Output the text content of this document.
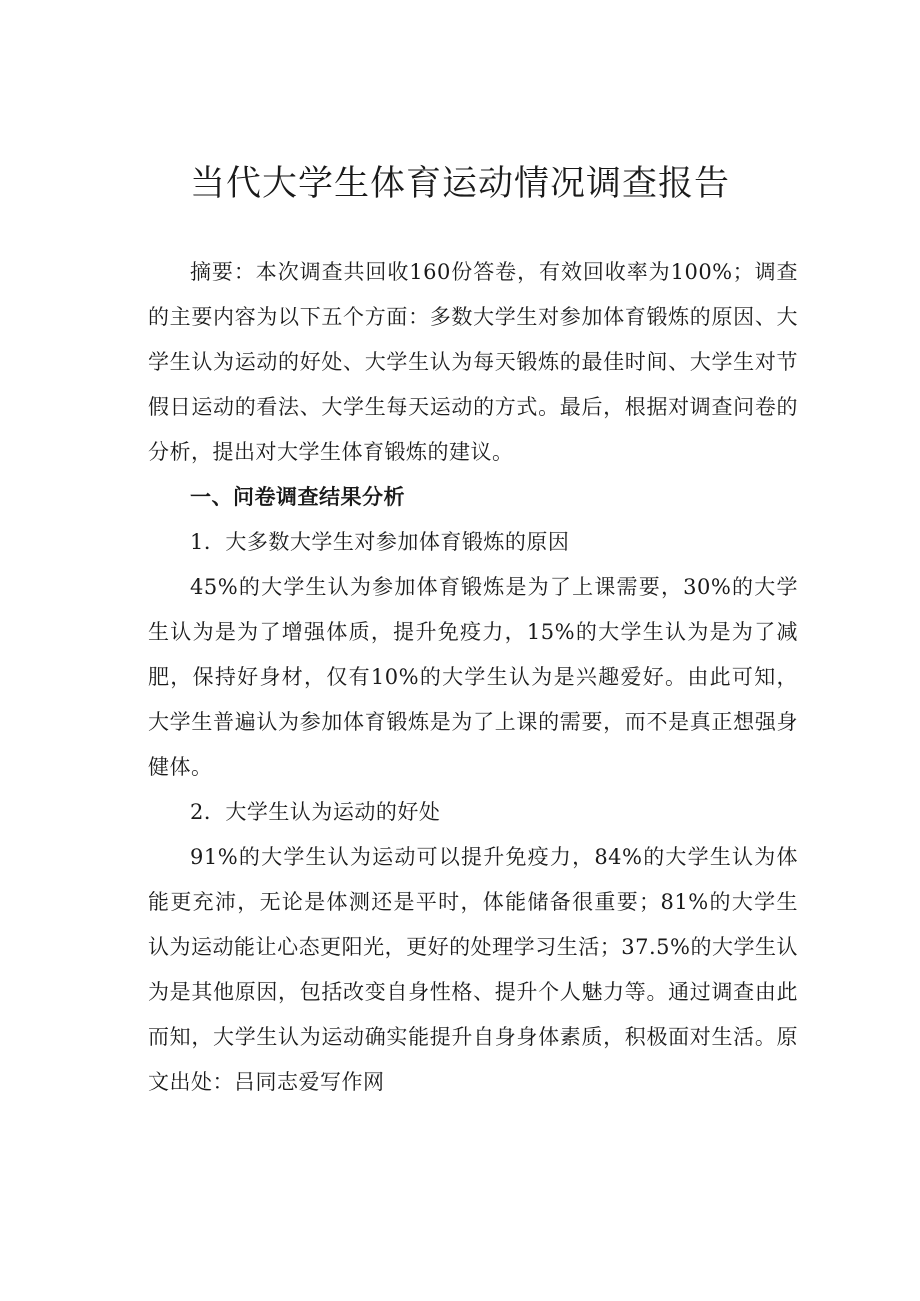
当代大学生体育运动情况调查报告

摘要：本次调查共回收160份答卷，有效回收率为100%；调查的主要内容为以下五个方面：多数大学生对参加体育锻炼的原因、大学生认为运动的好处、大学生认为每天锻炼的最佳时间、大学生对节假日运动的看法、大学生每天运动的方式。最后，根据对调查问卷的分析，提出对大学生体育锻炼的建议。

一、问卷调查结果分析

1．大多数大学生对参加体育锻炼的原因

45%的大学生认为参加体育锻炼是为了上课需要，30%的大学生认为是为了增强体质，提升免疫力，15%的大学生认为是为了减肥，保持好身材，仅有10%的大学生认为是兴趣爱好。由此可知，大学生普遍认为参加体育锻炼是为了上课的需要，而不是真正想强身健体。

2．大学生认为运动的好处

91%的大学生认为运动可以提升免疫力，84%的大学生认为体能更充沛，无论是体测还是平时，体能储备很重要；81%的大学生认为运动能让心态更阳光，更好的处理学习生活；37.5%的大学生认为是其他原因，包括改变自身性格、提升个人魅力等。通过调查由此而知，大学生认为运动确实能提升自身身体素质，积极面对生活。原文出处：吕同志爱写作网
